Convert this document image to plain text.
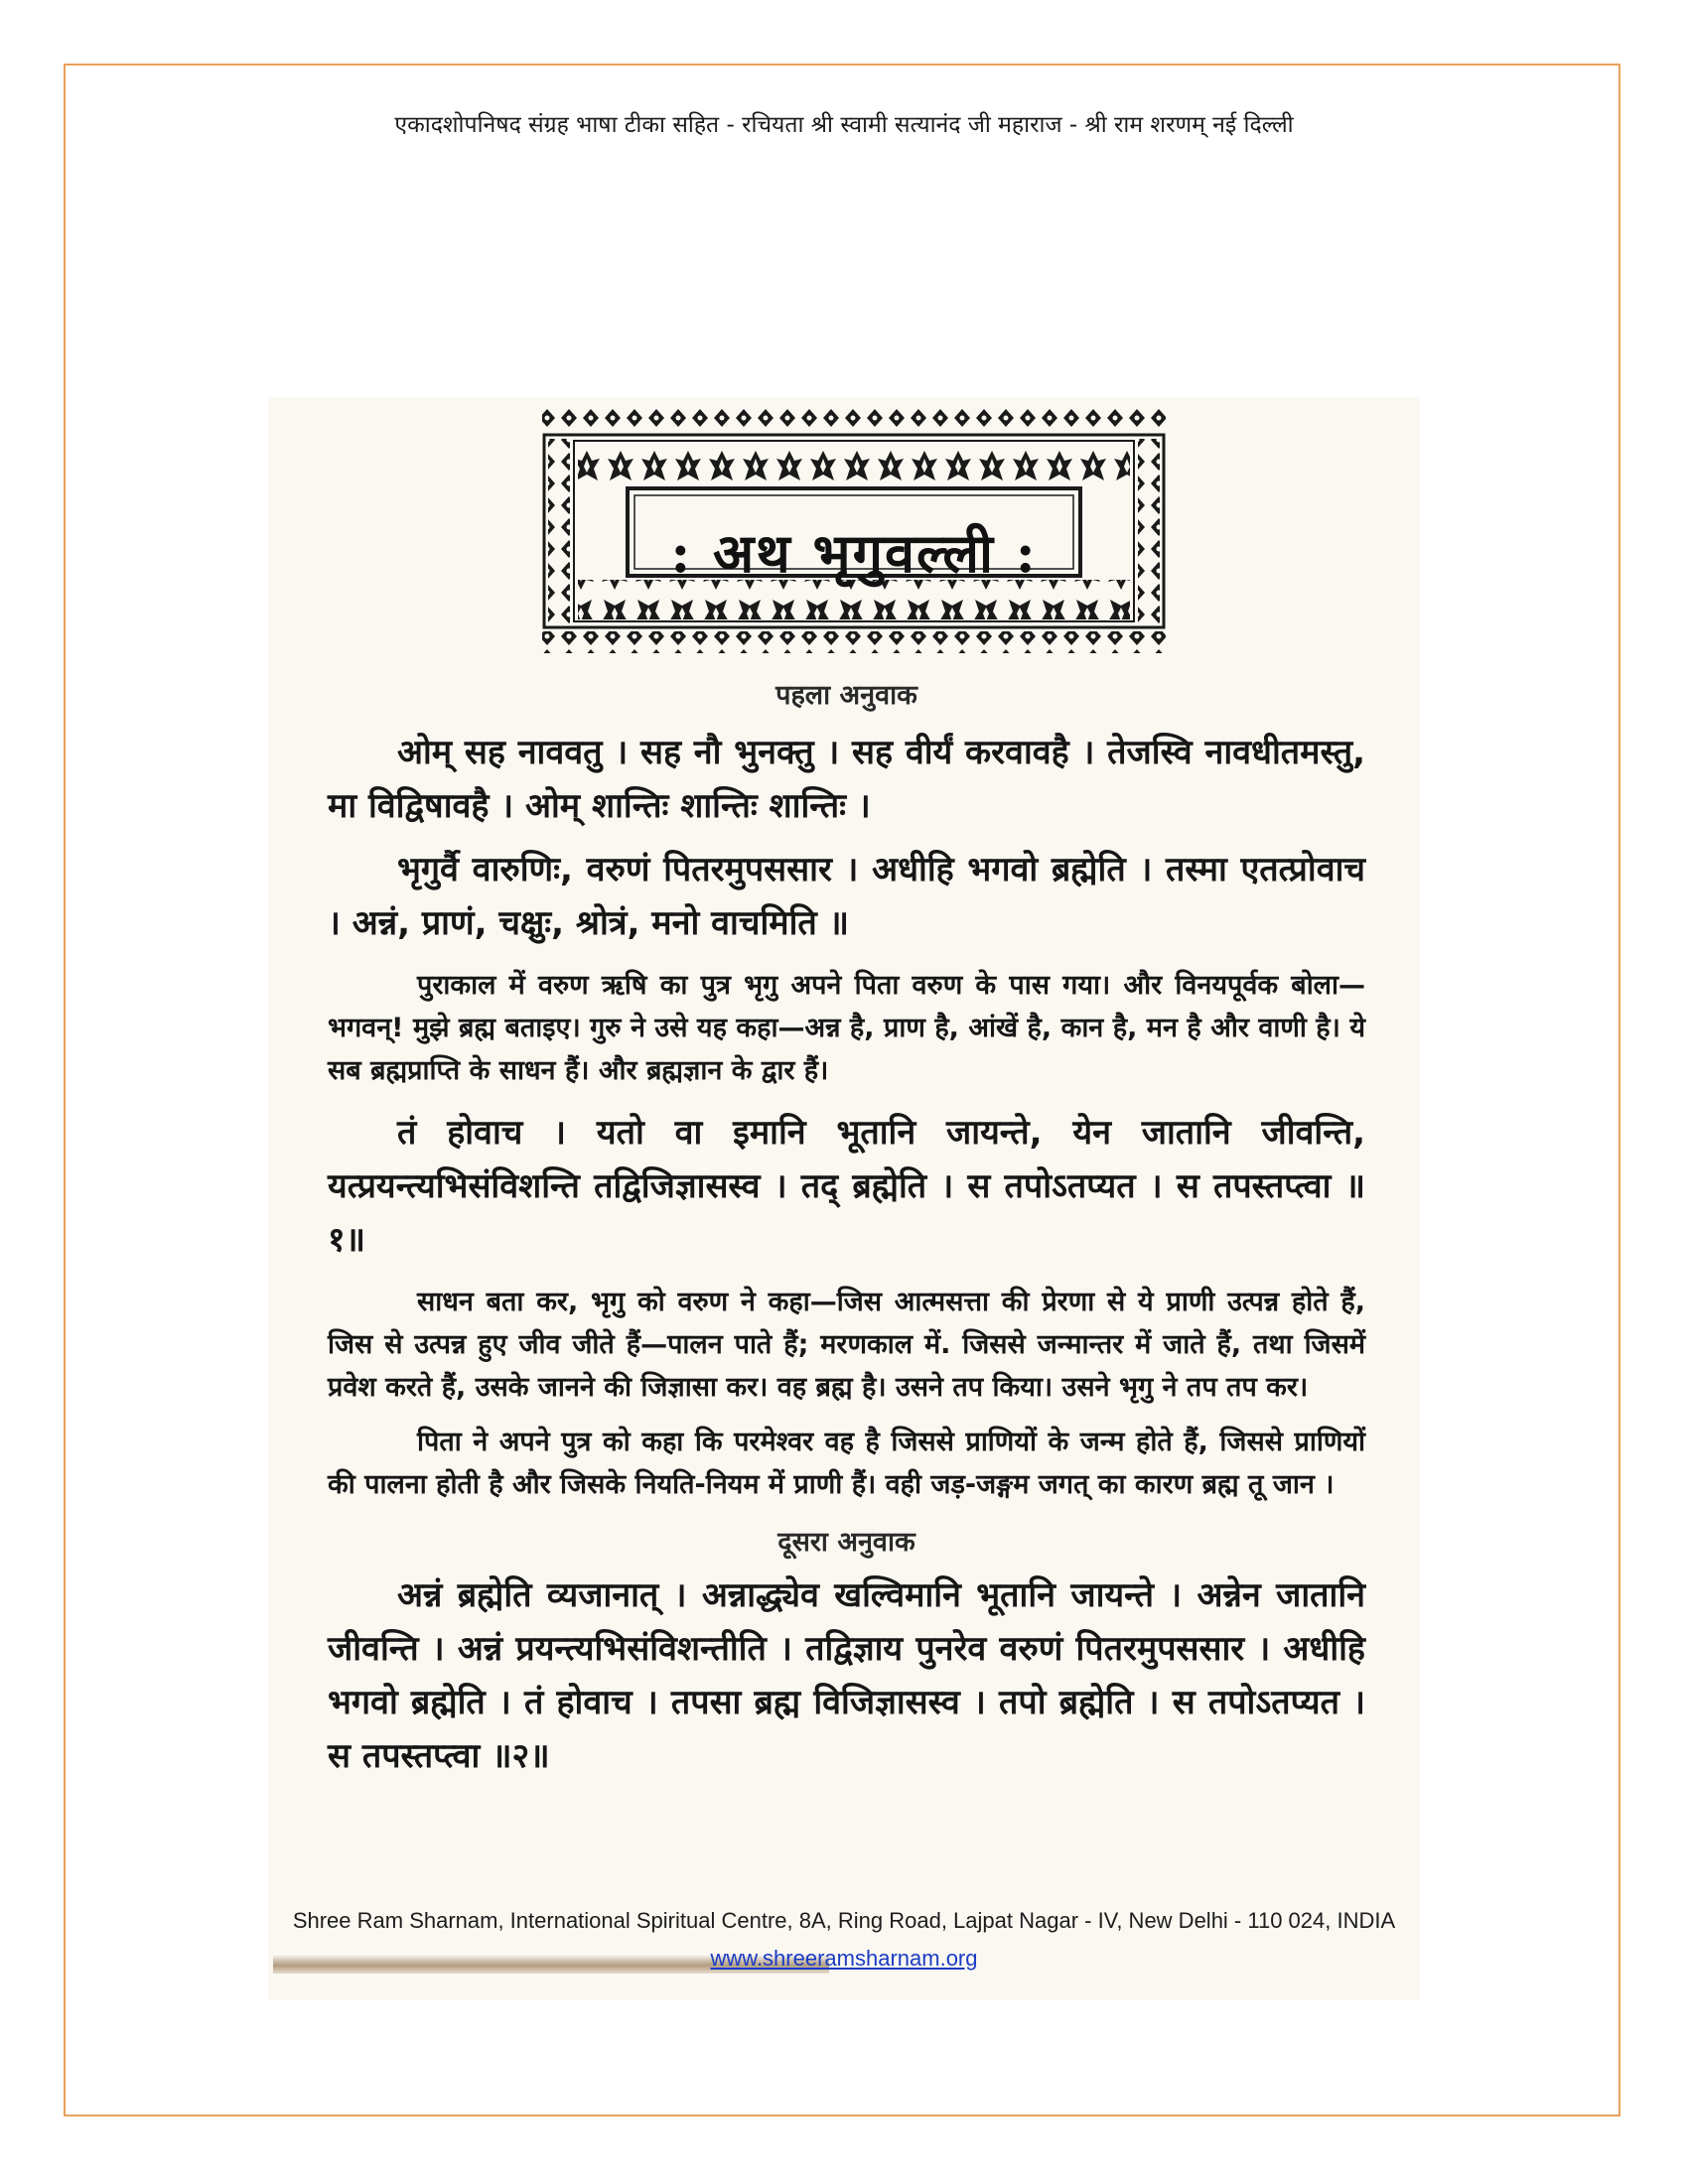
एकादशोपनिषद संग्रह भाषा टीका सहित - रचियता श्री स्वामी सत्यानंद जी महाराज - श्री राम शरणम् नई दिल्ली
: अथ भृगुवल्ली :
पहला अनुवाक

ओम् सह नाववतु । सह नौ भुनक्तु । सह वीर्यं करवावहै । तेजस्वि नावधीतमस्तु, मा विद्विषावहै । ओम् शान्तिः शान्तिः शान्तिः ।

भृगुर्वै वारुणिः, वरुणं पितरमुपससार । अधीहि भगवो ब्रह्मेति । तस्मा एतत्प्रोवाच । अन्नं, प्राणं, चक्षुः, श्रोत्रं, मनो वाचमिति ॥

पुराकाल में वरुण ऋषि का पुत्र भृगु अपने पिता वरुण के पास गया। और विनयपूर्वक बोला—भगवन्! मुझे ब्रह्म बताइए। गुरु ने उसे यह कहा—अन्न है, प्राण है, आंखें है, कान है, मन है और वाणी है। ये सब ब्रह्मप्राप्ति के साधन हैं। और ब्रह्मज्ञान के द्वार हैं।

तं होवाच । यतो वा इमानि भूतानि जायन्ते, येन जातानि जीवन्ति, यत्प्रयन्त्यभिसंविशन्ति तद्विजिज्ञासस्व । तद् ब्रह्मेति । स तपोऽतप्यत । स तपस्तप्त्वा ॥१॥

साधन बता कर, भृगु को वरुण ने कहा—जिस आत्मसत्ता की प्रेरणा से ये प्राणी उत्पन्न होते हैं, जिस से उत्पन्न हुए जीव जीते हैं—पालन पाते हैं; मरणकाल में. जिससे जन्मान्तर में जाते हैं, तथा जिसमें प्रवेश करते हैं, उसके जानने की जिज्ञासा कर। वह ब्रह्म है। उसने तप किया। उसने भृगु ने तप तप कर।

पिता ने अपने पुत्र को कहा कि परमेश्वर वह है जिससे प्राणियों के जन्म होते हैं, जिससे प्राणियों की पालना होती है और जिसके नियति-नियम में प्राणी हैं। वही जड़-जङ्गम जगत् का कारण ब्रह्म तू जान ।

दूसरा अनुवाक

अन्नं ब्रह्मेति व्यजानात् । अन्नाद्ध्येव खल्विमानि भूतानि जायन्ते । अन्नेन जातानि जीवन्ति । अन्नं प्रयन्त्यभिसंविशन्तीति । तद्विज्ञाय पुनरेव वरुणं पितरमुपससार । अधीहि भगवो ब्रह्मेति । तं होवाच । तपसा ब्रह्म विजिज्ञासस्व । तपो ब्रह्मेति । स तपोऽतप्यत । स तपस्तप्त्वा ॥२॥

Shree Ram Sharnam, International Spiritual Centre, 8A, Ring Road, Lajpat Nagar - IV, New Delhi - 110 024, INDIA
www.shreeramsharnam.org
